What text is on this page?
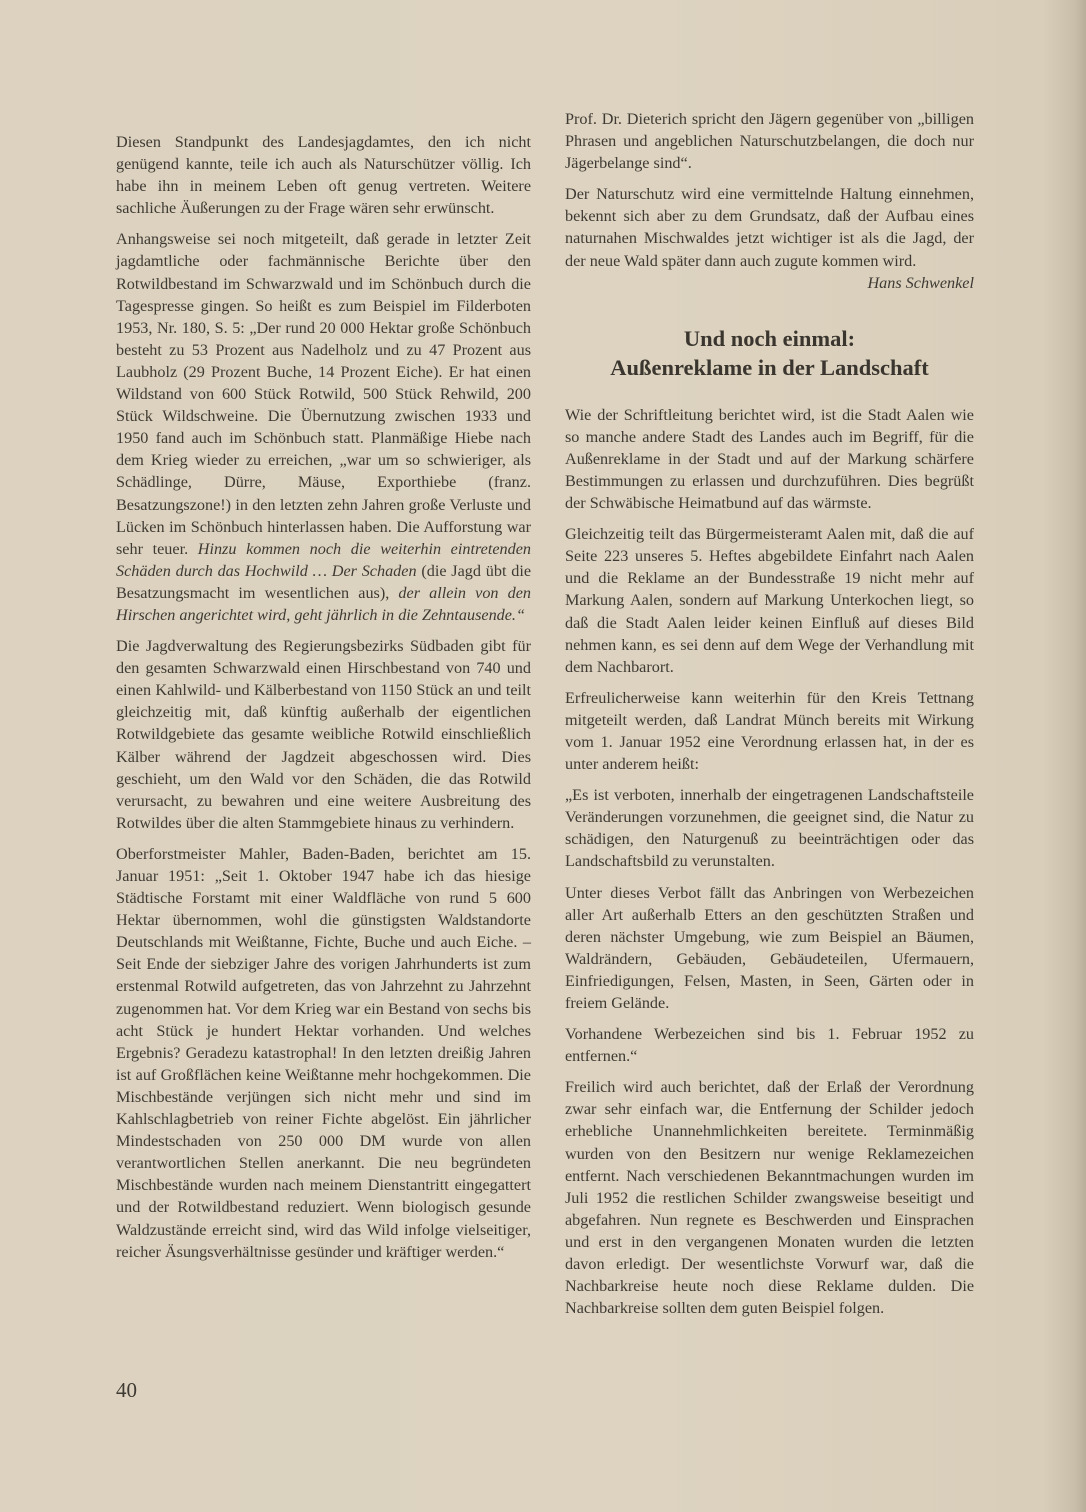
Diesen Standpunkt des Landesjagdamtes, den ich nicht genügend kannte, teile ich auch als Naturschützer völlig. Ich habe ihn in meinem Leben oft genug vertreten. Weitere sachliche Äußerungen zu der Frage wären sehr erwünscht.

Anhangsweise sei noch mitgeteilt, daß gerade in letzter Zeit jagdamtliche oder fachmännische Berichte über den Rotwildbestand im Schwarzwald und im Schönbuch durch die Tagespresse gingen. So heißt es zum Beispiel im Filderboten 1953, Nr. 180, S. 5: „Der rund 20 000 Hektar große Schönbuch besteht zu 53 Prozent aus Nadelholz und zu 47 Prozent aus Laubholz (29 Prozent Buche, 14 Prozent Eiche). Er hat einen Wildstand von 600 Stück Rotwild, 500 Stück Rehwild, 200 Stück Wildschweine. Die Übernutzung zwischen 1933 und 1950 fand auch im Schönbuch statt. Planmäßige Hiebe nach dem Krieg wieder zu erreichen, „war um so schwieriger, als Schädlinge, Dürre, Mäuse, Exporthiebe (franz. Besatzungszone!) in den letzten zehn Jahren große Verluste und Lücken im Schönbuch hinterlassen haben. Die Aufforstung war sehr teuer. Hinzu kommen noch die weiterhin eintretenden Schäden durch das Hochwild … Der Schaden (die Jagd übt die Besatzungsmacht im wesentlichen aus), der allein von den Hirschen angerichtet wird, geht jährlich in die Zehntausende.“

Die Jagdverwaltung des Regierungsbezirks Südbaden gibt für den gesamten Schwarzwald einen Hirschbestand von 740 und einen Kahlwild- und Kälberbestand von 1150 Stück an und teilt gleichzeitig mit, daß künftig außerhalb der eigentlichen Rotwildgebiete das gesamte weibliche Rotwild einschließlich Kälber während der Jagdzeit abgeschossen wird. Dies geschieht, um den Wald vor den Schäden, die das Rotwild verursacht, zu bewahren und eine weitere Ausbreitung des Rotwildes über die alten Stammgebiete hinaus zu verhindern.

Oberforstmeister Mahler, Baden-Baden, berichtet am 15. Januar 1951: „Seit 1. Oktober 1947 habe ich das hiesige Städtische Forstamt mit einer Waldfläche von rund 5 600 Hektar übernommen, wohl die günstigsten Waldstandorte Deutschlands mit Weißtanne, Fichte, Buche und auch Eiche. – Seit Ende der siebziger Jahre des vorigen Jahrhunderts ist zum erstenmal Rotwild aufgetreten, das von Jahrzehnt zu Jahrzehnt zugenommen hat. Vor dem Krieg war ein Bestand von sechs bis acht Stück je hundert Hektar vorhanden. Und welches Ergebnis? Geradezu katastrophal! In den letzten dreißig Jahren ist auf Großflächen keine Weißtanne mehr hochgekommen. Die Mischbestände verjüngen sich nicht mehr und sind im Kahlschlagbetrieb von reiner Fichte abgelöst. Ein jährlicher Mindestschaden von 250 000 DM wurde von allen verantwortlichen Stellen anerkannt. Die neu begründeten Mischbestände wurden nach meinem Dienstantritt eingegattert und der Rotwildbestand reduziert. Wenn biologisch gesunde Waldzustände erreicht sind, wird das Wild infolge vielseitiger, reicher Äsungsverhältnisse gesünder und kräftiger werden.“

Prof. Dr. Dieterich spricht den Jägern gegenüber von „billigen Phrasen und angeblichen Naturschutzbelangen, die doch nur Jägerbelange sind“.

Der Naturschutz wird eine vermittelnde Haltung einnehmen, bekennt sich aber zu dem Grundsatz, daß der Aufbau eines naturnahen Mischwaldes jetzt wichtiger ist als die Jagd, der der neue Wald später dann auch zugute kommen wird.
Hans Schwenkel

Und noch einmal:
Außenreklame in der Landschaft

Wie der Schriftleitung berichtet wird, ist die Stadt Aalen wie so manche andere Stadt des Landes auch im Begriff, für die Außenreklame in der Stadt und auf der Markung schärfere Bestimmungen zu erlassen und durchzuführen. Dies begrüßt der Schwäbische Heimatbund auf das wärmste.

Gleichzeitig teilt das Bürgermeisteramt Aalen mit, daß die auf Seite 223 unseres 5. Heftes abgebildete Einfahrt nach Aalen und die Reklame an der Bundesstraße 19 nicht mehr auf Markung Aalen, sondern auf Markung Unterkochen liegt, so daß die Stadt Aalen leider keinen Einfluß auf dieses Bild nehmen kann, es sei denn auf dem Wege der Verhandlung mit dem Nachbarort.

Erfreulicherweise kann weiterhin für den Kreis Tettnang mitgeteilt werden, daß Landrat Münch bereits mit Wirkung vom 1. Januar 1952 eine Verordnung erlassen hat, in der es unter anderem heißt:

„Es ist verboten, innerhalb der eingetragenen Landschaftsteile Veränderungen vorzunehmen, die geeignet sind, die Natur zu schädigen, den Naturgenuß zu beeinträchtigen oder das Landschaftsbild zu verunstalten.

Unter dieses Verbot fällt das Anbringen von Werbezeichen aller Art außerhalb Etters an den geschützten Straßen und deren nächster Umgebung, wie zum Beispiel an Bäumen, Waldrändern, Gebäuden, Gebäudeteilen, Ufermauern, Einfriedigungen, Felsen, Masten, in Seen, Gärten oder in freiem Gelände.

Vorhandene Werbezeichen sind bis 1. Februar 1952 zu entfernen.“

Freilich wird auch berichtet, daß der Erlaß der Verordnung zwar sehr einfach war, die Entfernung der Schilder jedoch erhebliche Unannehmlichkeiten bereitete. Terminmäßig wurden von den Besitzern nur wenige Reklamezeichen entfernt. Nach verschiedenen Bekanntmachungen wurden im Juli 1952 die restlichen Schilder zwangsweise beseitigt und abgefahren. Nun regnete es Beschwerden und Einsprachen und erst in den vergangenen Monaten wurden die letzten davon erledigt. Der wesentlichste Vorwurf war, daß die Nachbarkreise heute noch diese Reklame dulden. Die Nachbarkreise sollten dem guten Beispiel folgen.

40
